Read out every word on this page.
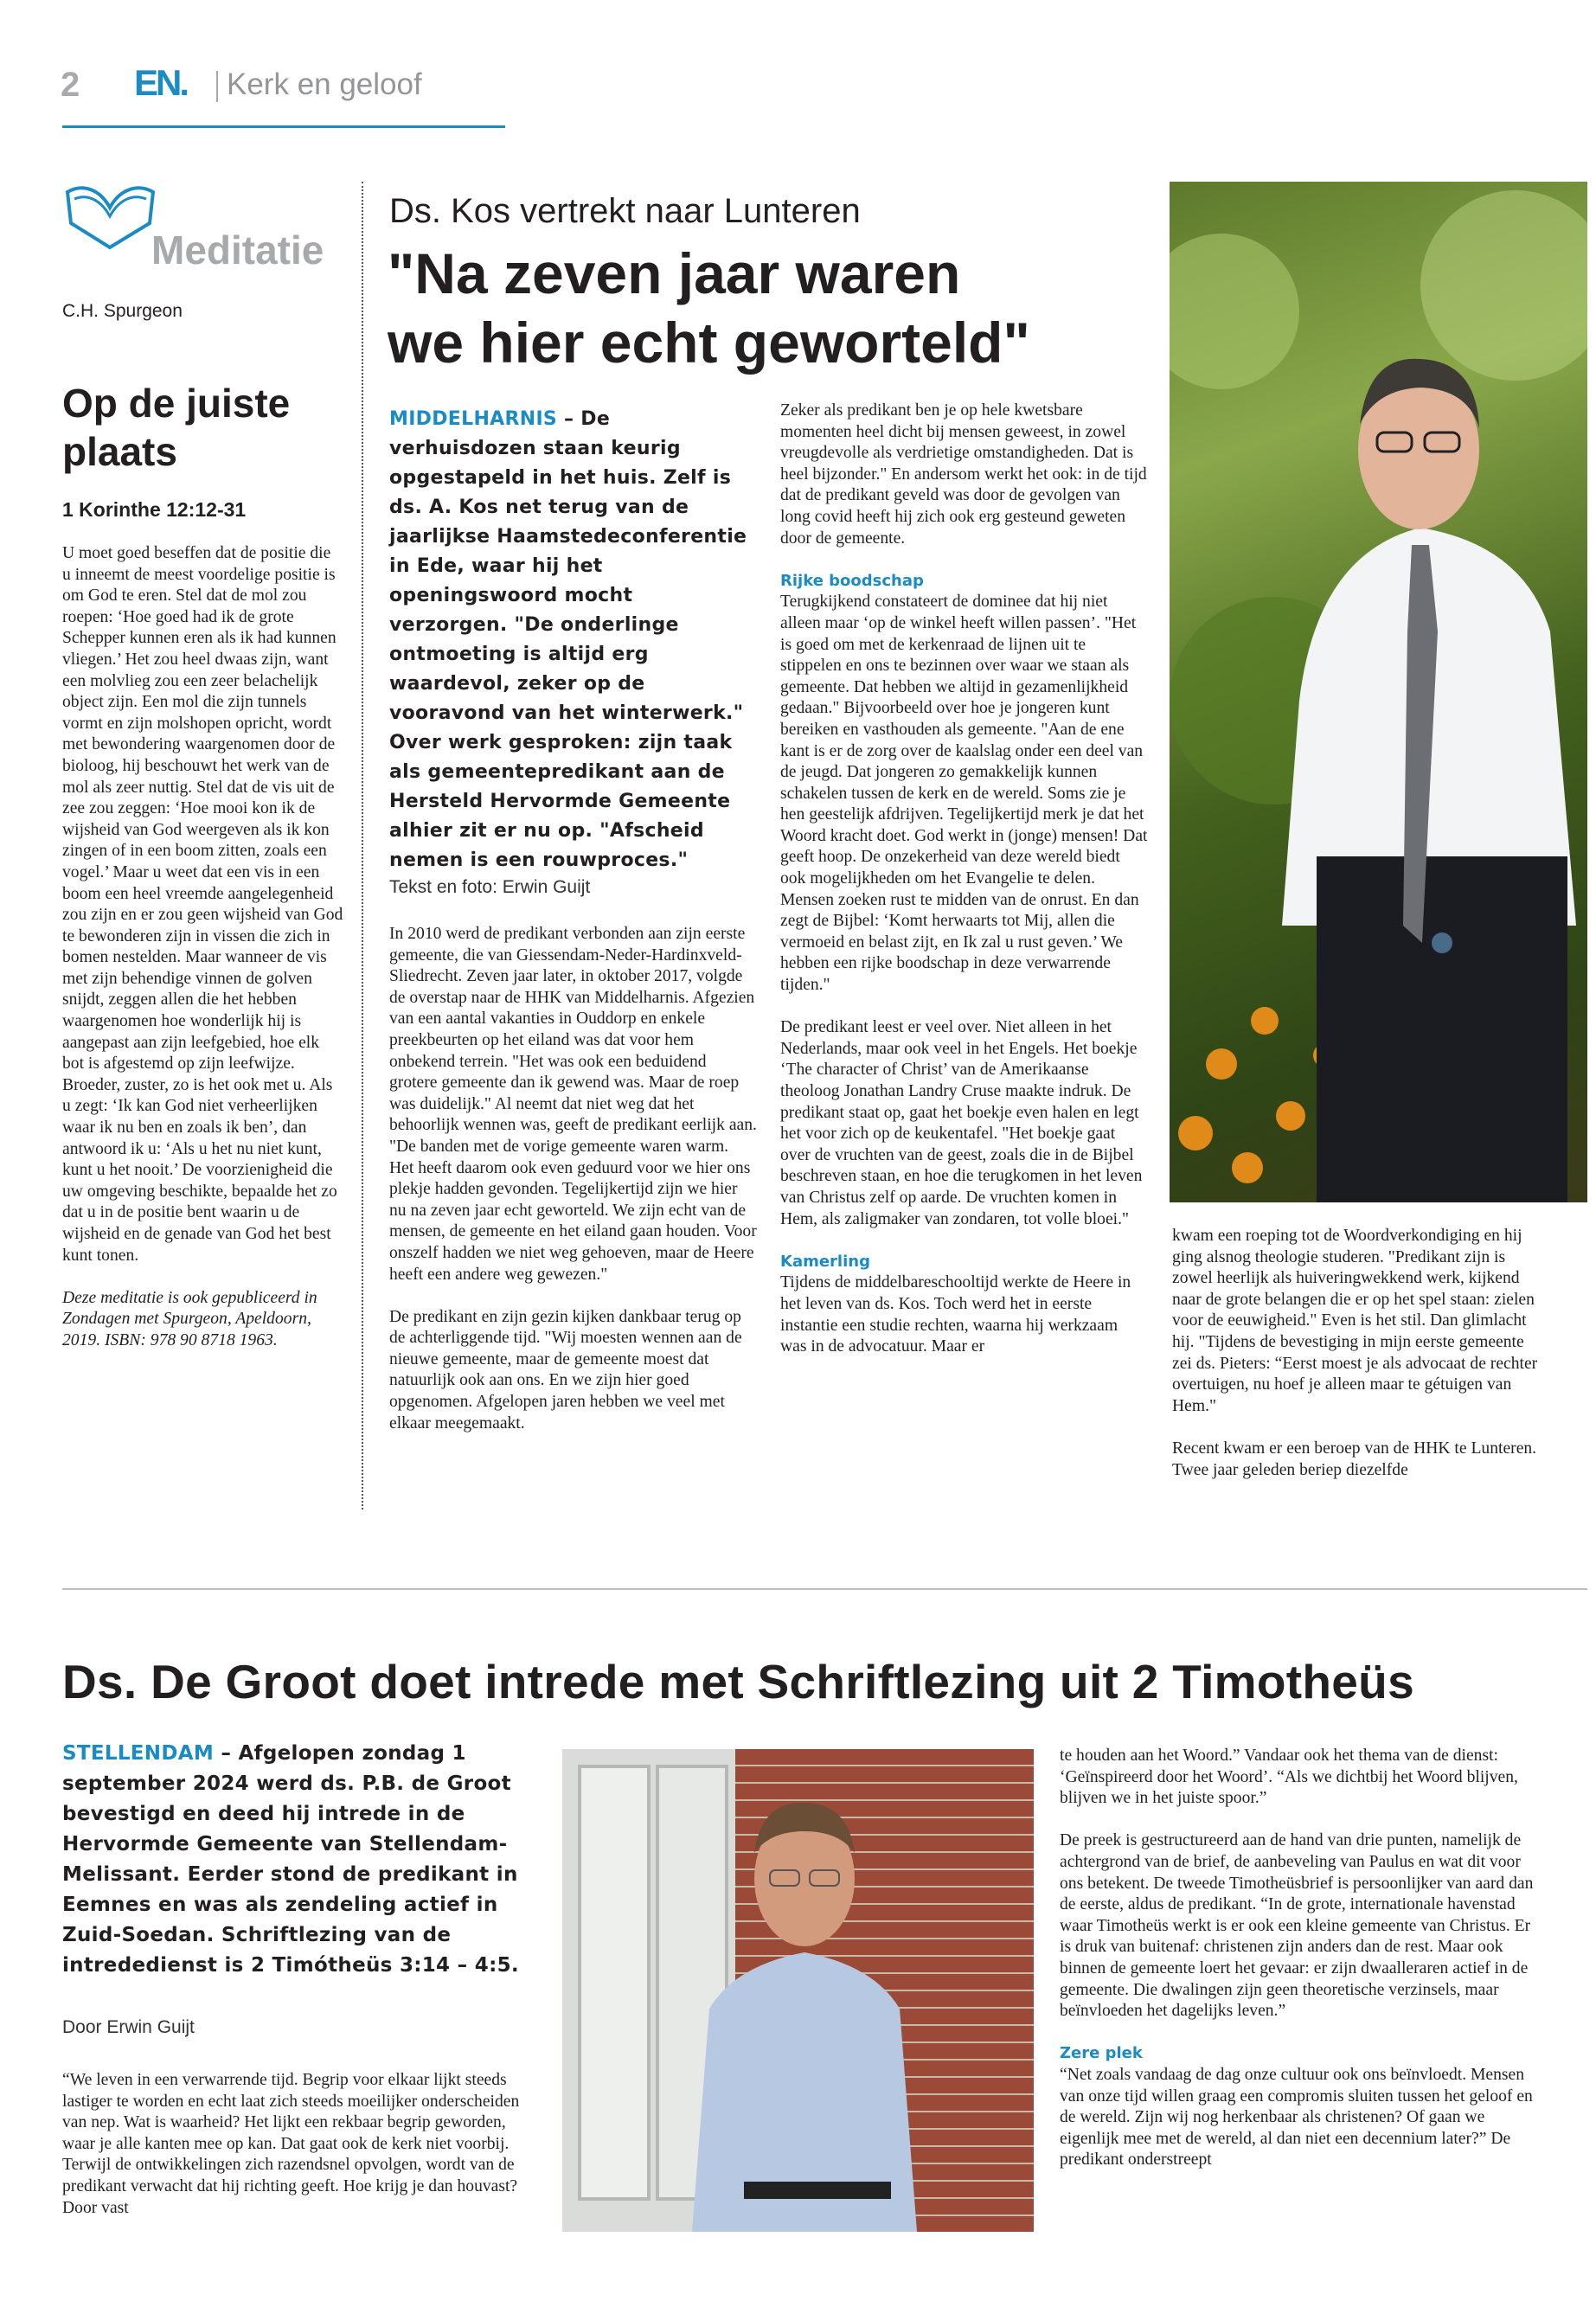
2 EN. Kerk en geloof
Meditatie
C.H. Spurgeon
Op de juiste plaats
1 Korinthe 12:12-31

U moet goed beseffen dat de positie die u inneemt de meest voordelige positie is om God te eren. Stel dat de mol zou roepen: ‘Hoe goed had ik de grote Schepper kunnen eren als ik had kunnen vliegen.’ Het zou heel dwaas zijn, want een molvlieg zou een zeer belachelijk object zijn. Een mol die zijn tunnels vormt en zijn molshopen opricht, wordt met bewondering waargenomen door de bioloog, hij beschouwt het werk van de mol als zeer nuttig. Stel dat de vis uit de zee zou zeggen: ‘Hoe mooi kon ik de wijsheid van God weergeven als ik kon zingen of in een boom zitten, zoals een vogel.’ Maar u weet dat een vis in een boom een heel vreemde aangelegenheid zou zijn en er zou geen wijsheid van God te bewonderen zijn in vissen die zich in bomen nestelden. Maar wanneer de vis met zijn behendige vinnen de golven snijdt, zeggen allen die het hebben waargenomen hoe wonderlijk hij is aangepast aan zijn leefgebied, hoe elk bot is afgestemd op zijn leefwijze. Broeder, zuster, zo is het ook met u. Als u zegt: ‘Ik kan God niet verheerlijken waar ik nu ben en zoals ik ben’, dan antwoord ik u: ‘Als u het nu niet kunt, kunt u het nooit.’ De voorzienigheid die uw omgeving beschikte, bepaalde het zo dat u in de positie bent waarin u de wijsheid en de genade van God het best kunt tonen.

Deze meditatie is ook gepubliceerd in Zondagen met Spurgeon, Apeldoorn, 2019. ISBN: 978 90 8718 1963.

Ds. Kos vertrekt naar Lunteren
"Na zeven jaar waren
we hier echt geworteld"
MIDDELHARNIS – De verhuisdozen staan keurig opgestapeld in het huis. Zelf is ds. A. Kos net terug van de jaarlijkse Haamstedeconferentie in Ede, waar hij het openingswoord mocht verzorgen. "De onderlinge ontmoeting is altijd erg waardevol, zeker op de vooravond van het winterwerk." Over werk gesproken: zijn taak als gemeentepredikant aan de Hersteld Hervormde Gemeente alhier zit er nu op. "Afscheid nemen is een rouwproces."
Tekst en foto: Erwin Guijt

In 2010 werd de predikant verbonden aan zijn eerste gemeente, die van Giessendam-Neder-Hardinxveld-Sliedrecht. Zeven jaar later, in oktober 2017, volgde de overstap naar de HHK van Middelharnis. Afgezien van een aantal vakanties in Ouddorp en enkele preekbeurten op het eiland was dat voor hem onbekend terrein. "Het was ook een beduidend grotere gemeente dan ik gewend was. Maar de roep was duidelijk." Al neemt dat niet weg dat het behoorlijk wennen was, geeft de predikant eerlijk aan. "De banden met de vorige gemeente waren warm. Het heeft daarom ook even geduurd voor we hier ons plekje hadden gevonden. Tegelijkertijd zijn we hier nu na zeven jaar echt geworteld. We zijn echt van de mensen, de gemeente en het eiland gaan houden. Voor onszelf hadden we niet weg gehoeven, maar de Heere heeft een andere weg gewezen."

De predikant en zijn gezin kijken dankbaar terug op de achterliggende tijd. "Wij moesten wennen aan de nieuwe gemeente, maar de gemeente moest dat natuurlijk ook aan ons. En we zijn hier goed opgenomen. Afgelopen jaren hebben we veel met elkaar meegemaakt.

Zeker als predikant ben je op hele kwetsbare momenten heel dicht bij mensen geweest, in zowel vreugdevolle als verdrietige omstandigheden. Dat is heel bijzonder." En andersom werkt het ook: in de tijd dat de predikant geveld was door de gevolgen van long covid heeft hij zich ook erg gesteund geweten door de gemeente.

Rijke boodschap

Terugkijkend constateert de dominee dat hij niet alleen maar ‘op de winkel heeft willen passen’. "Het is goed om met de kerkenraad de lijnen uit te stippelen en ons te bezinnen over waar we staan als gemeente. Dat hebben we altijd in gezamenlijkheid gedaan." Bijvoorbeeld over hoe je jongeren kunt bereiken en vasthouden als gemeente. "Aan de ene kant is er de zorg over de kaalslag onder een deel van de jeugd. Dat jongeren zo gemakkelijk kunnen schakelen tussen de kerk en de wereld. Soms zie je hen geestelijk afdrijven. Tegelijkertijd merk je dat het Woord kracht doet. God werkt in (jonge) mensen! Dat geeft hoop. De onzekerheid van deze wereld biedt ook mogelijkheden om het Evangelie te delen. Mensen zoeken rust te midden van de onrust. En dan zegt de Bijbel: ‘Komt herwaarts tot Mij, allen die vermoeid en belast zijt, en Ik zal u rust geven.’ We hebben een rijke boodschap in deze verwarrende tijden."

De predikant leest er veel over. Niet alleen in het Nederlands, maar ook veel in het Engels. Het boekje ‘The character of Christ’ van de Amerikaanse theoloog Jonathan Landry Cruse maakte indruk. De predikant staat op, gaat het boekje even halen en legt het voor zich op de keukentafel. "Het boekje gaat over de vruchten van de geest, zoals die in de Bijbel beschreven staan, en hoe die terugkomen in het leven van Christus zelf op aarde. De vruchten komen in Hem, als zaligmaker van zondaren, tot volle bloei."

Kamerling

Tijdens de middelbareschooltijd werkte de Heere in het leven van ds. Kos. Toch werd het in eerste instantie een studie rechten, waarna hij werkzaam was in de advocatuur. Maar er

kwam een roeping tot de Woordverkondiging en hij ging alsnog theologie studeren. "Predikant zijn is zowel heerlijk als huiveringwekkend werk, kijkend naar de grote belangen die er op het spel staan: zielen voor de eeuwigheid." Even is het stil. Dan glimlacht hij. "Tijdens de bevestiging in mijn eerste gemeente zei ds. Pieters: “Eerst moest je als advocaat de rechter overtuigen, nu hoef je alleen maar te gétuigen van Hem."

Recent kwam er een beroep van de HHK te Lunteren. Twee jaar geleden beriep diezelfde

Ds. De Groot doet intrede met Schriftlezing uit 2 Timotheüs
STELLENDAM – Afgelopen zondag 1 september 2024 werd ds. P.B. de Groot bevestigd en deed hij intrede in de Hervormde Gemeente van Stellendam-Melissant. Eerder stond de predikant in Eemnes en was als zendeling actief in Zuid-Soedan. Schriftlezing van de intrededienst is 2 Timótheüs 3:14 – 4:5.
Door Erwin Guijt

“We leven in een verwarrende tijd. Begrip voor elkaar lijkt steeds lastiger te worden en echt laat zich steeds moeilijker onderscheiden van nep. Wat is waarheid? Het lijkt een rekbaar begrip geworden, waar je alle kanten mee op kan. Dat gaat ook de kerk niet voorbij. Terwijl de ontwikkelingen zich razendsnel opvolgen, wordt van de predikant verwacht dat hij richting geeft. Hoe krijg je dan houvast? Door vast

te houden aan het Woord.” Vandaar ook het thema van de dienst: ‘Geïnspireerd door het Woord’. “Als we dichtbij het Woord blijven, blijven we in het juiste spoor.”

De preek is gestructureerd aan de hand van drie punten, namelijk de achtergrond van de brief, de aanbeveling van Paulus en wat dit voor ons betekent. De tweede Timotheüsbrief is persoonlijker van aard dan de eerste, aldus de predikant. “In de grote, internationale havenstad waar Timotheüs werkt is er ook een kleine gemeente van Christus. Er is druk van buitenaf: christenen zijn anders dan de rest. Maar ook binnen de gemeente loert het gevaar: er zijn dwaalleraren actief in de gemeente. Die dwalingen zijn geen theoretische verzinsels, maar beïnvloeden het dagelijks leven.”

Zere plek

“Net zoals vandaag de dag onze cultuur ook ons beïnvloedt. Mensen van onze tijd willen graag een compromis sluiten tussen het geloof en de wereld. Zijn wij nog herkenbaar als christenen? Of gaan we eigenlijk mee met de wereld, al dan niet een decennium later?” De predikant onderstreept
